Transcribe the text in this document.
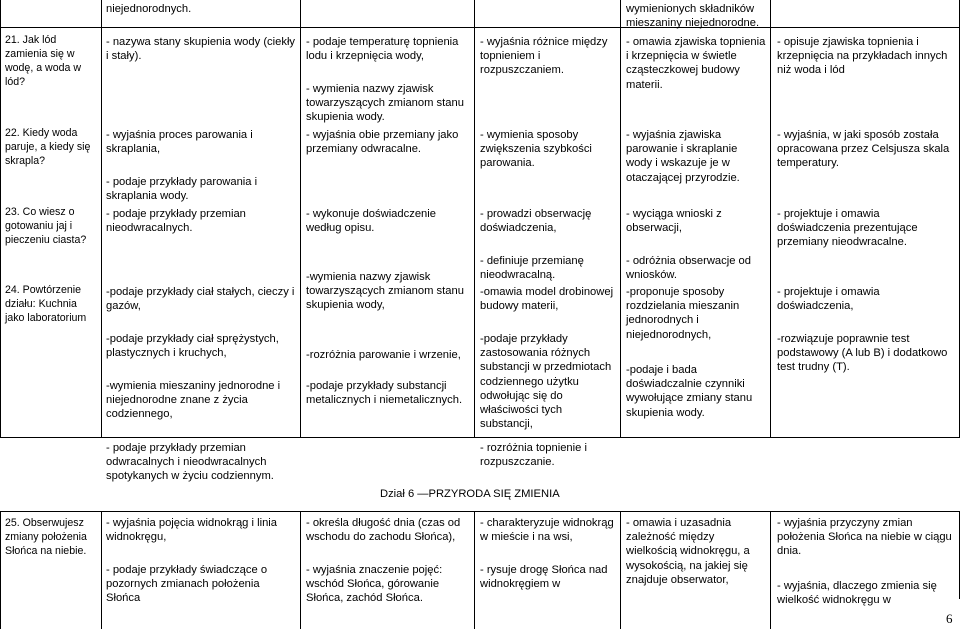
21. Jak lód zamienia się w wodę, a woda w lód?
22. Kiedy woda paruje, a kiedy się skrapla?
23. Co wiesz o gotowaniu jaj i pieczeniu ciasta?
24. Powtórzenie działu: Kuchnia jako laboratorium
niejednorodnych.
- nazywa stany skupienia wody (ciekły i stały).
- wyjaśnia proces parowania i skraplania,
- podaje przykłady parowania i skraplania wody.
- podaje przykłady przemian nieodwracalnych.
-podaje przykłady ciał stałych, cieczy i gazów,
-podaje przykłady ciał sprężystych, plastycznych i kruchych,
-wymienia mieszaniny jednorodne i niejednorodne znane z życia codziennego,
- podaje temperaturę topnienia lodu i krzepnięcia wody,
- wymienia nazwy zjawisk towarzyszących zmianom stanu skupienia wody.
- wyjaśnia obie przemiany jako przemiany odwracalne.
- wykonuje doświadczenie według opisu.
-wymienia nazwy zjawisk towarzyszących zmianom stanu skupienia wody,
-rozróżnia parowanie i wrzenie,
-podaje przykłady substancji metalicznych i niemetalicznych.
- wyjaśnia różnice między topnieniem i rozpuszczaniem.
- wymienia sposoby zwiększenia szybkości parowania.
- prowadzi obserwację doświadczenia,
- definiuje przemianę nieodwracalną.
-omawia model drobinowej budowy materii,
-podaje przykłady zastosowania różnych substancji w przedmiotach codziennego użytku odwołując się do właściwości tych substancji,
wymienionych składników mieszaniny niejednorodne.
- omawia zjawiska topnienia i krzepnięcia w świetle cząsteczkowej budowy materii.
- wyjaśnia zjawiska parowanie i skraplanie wody i wskazuje je w otaczającej przyrodzie.
- wyciąga wnioski z obserwacji,
- odróżnia obserwacje od wniosków.
-proponuje sposoby rozdzielania mieszanin jednorodnych i niejednorodnych,
-podaje i bada doświadczalnie czynniki wywołujące zmiany stanu skupienia wody.
- opisuje zjawiska topnienia i krzepnięcia na przykładach innych niż woda i lód
- wyjaśnia, w jaki sposób została opracowana przez Celsjusza skala temperatury.
- projektuje i omawia doświadczenia prezentujące przemiany nieodwracalne.
- projektuje i omawia doświadczenia,
-rozwiązuje poprawnie test podstawowy (A lub B) i dodatkowo test trudny (T).
- podaje przykłady przemian odwracalnych i nieodwracalnych spotykanych w życiu codziennym.
- rozróżnia topnienie i rozpuszczanie.
Dział 6 —PRZYRODA SIĘ ZMIENIA
25. Obserwujesz zmiany położenia Słońca na niebie.
- wyjaśnia pojęcia widnokrąg i linia widnokręgu,
- podaje przykłady świadczące o pozornych zmianach położenia Słońca
- określa długość dnia (czas od wschodu do zachodu Słońca),
- wyjaśnia znaczenie pojęć: wschód Słońca, górowanie Słońca, zachód Słońca.
- charakteryzuje widnokrąg w mieście i na wsi,
- rysuje drogę Słońca nad widnokręgiem w
- omawia i uzasadnia zależność między wielkością widnokręgu, a wysokością, na jakiej się znajduje obserwator,
- wyjaśnia przyczyny zmian położenia Słońca na niebie w ciągu dnia.
- wyjaśnia, dlaczego zmienia się wielkość widnokręgu w
6
